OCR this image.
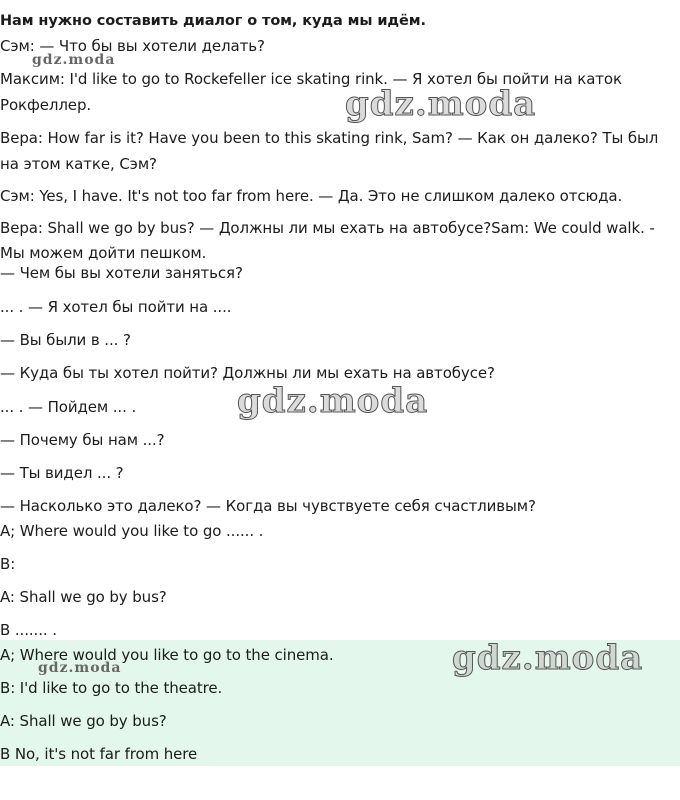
Нам нужно составить диалог о том, куда мы идём.

Сэм: — Что бы вы хотели делать?

Максим: I'd like to go to Rockefeller ice skating rink. — Я хотел бы пойти на каток Рокфеллер.

Вера: How far is it? Have you been to this skating rink, Sam? — Как он далеко? Ты был на этом катке, Сэм?

Сэм: Yes, I have. It's not too far from here. — Да. Это не слишком далеко отсюда.

Вера: Shall we go by bus? — Должны ли мы ехать на автобусе?Sam: We could walk. - Мы можем дойти пешком.

— Чем бы вы хотели заняться?

... . — Я хотел бы пойти на ....

— Вы были в ... ?

— Куда бы ты хотел пойти? Должны ли мы ехать на автобусе?

... . — Пойдем ... .

— Почему бы нам ...?

— Ты видел ... ?

— Насколько это далеко? — Когда вы чувствуете себя счастливым?

A; Where would you like to go ...... .

B:

A: Shall we go by bus?

B ....... .

A; Where would you like to go to the cinema.

B: I'd like to go to the theatre.

A: Shall we go by bus?

B No, it's not far from here

gdz.moda
gdz.moda
gdz.moda
gdz.moda
gdz.moda
